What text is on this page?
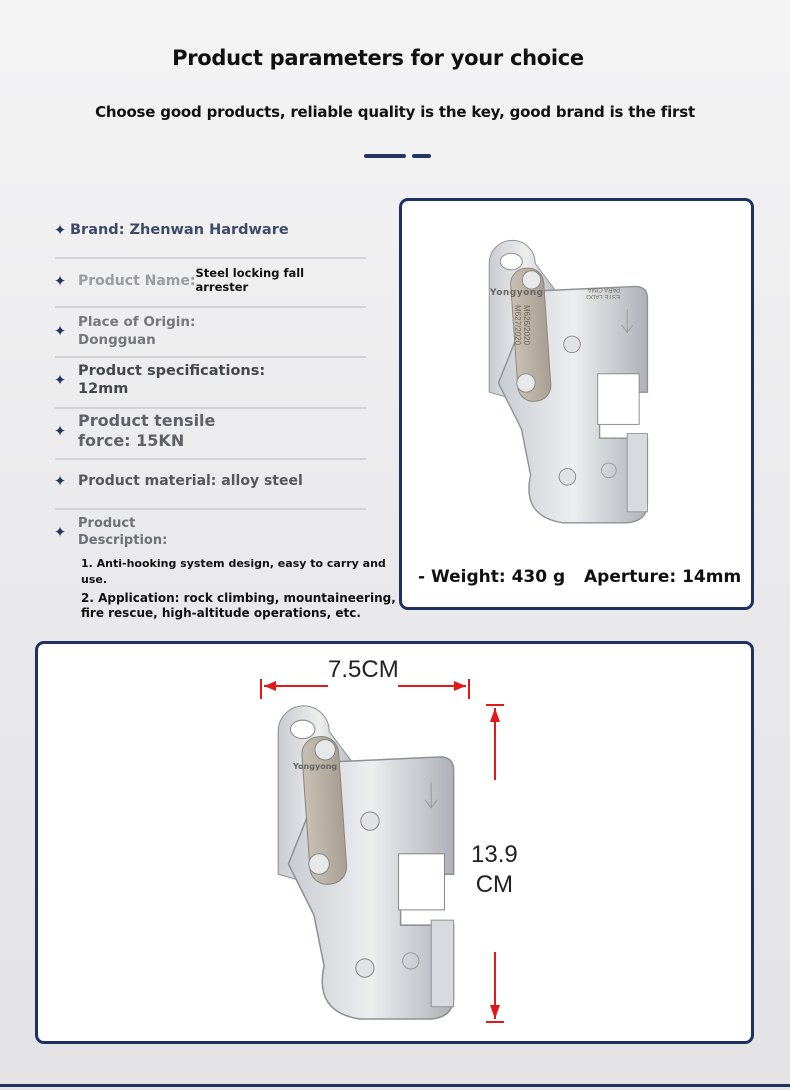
Product parameters for your choice
Choose good products, reliable quality is the key, good brand is the first
✦ Brand: Zhenwan Hardware
✦ Product Name: Steel locking fall
arrester
✦ Place of Origin:
Dongguan
✦ Product specifications:
12mm
✦
Product tensile
force: 15KN
✦ Product material: alloy steel
✦ Product
Description:
1. Anti-hooking system design, easy to carry and use.
2. Application: rock climbing, mountaineering,
fire rescue, high-altitude operations, etc.
Yongyong
M626/2020
M627/2020
ESTE LADO PARA CIMA
- Weight: 430 g Aperture: 14mm
Yongyong
7.5CM
13.9
CM
